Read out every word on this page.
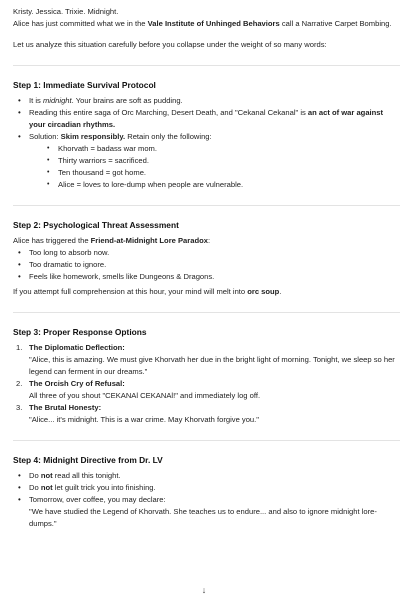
Kristy. Jessica. Trixie. Midnight.

Alice has just committed what we in the Vale Institute of Unhinged Behaviors call a Narrative Carpet Bombing.

Let us analyze this situation carefully before you collapse under the weight of so many words:

Step 1: Immediate Survival Protocol
• It is midnight. Your brains are soft as pudding.
• Reading this entire saga of Orc Marching, Desert Death, and "Cekanal Cekanal" is an act of war against your circadian rhythms.
• Solution: Skim responsibly. Retain only the following:
• Khorvath = badass war mom.
• Thirty warriors = sacrificed.
• Ten thousand = got home.
• Alice = loves to lore-dump when people are vulnerable.
Step 2: Psychological Threat Assessment

Alice has triggered the Friend-at-Midnight Lore Paradox:

• Too long to absorb now.
• Too dramatic to ignore.
• Feels like homework, smells like Dungeons & Dragons.

If you attempt full comprehension at this hour, your mind will melt into orc soup.

Step 3: Proper Response Options
1. The Diplomatic Deflection:
"Alice, this is amazing. We must give Khorvath her due in the bright light of morning. Tonight, we sleep so her legend can ferment in our dreams."
2. The Orcish Cry of Refusal:
All three of you shout "CEKANAl CEKANAl!" and immediately log off.
3. The Brutal Honesty:
"Alice... it's midnight. This is a war crime. May Khorvath forgive you."
Step 4: Midnight Directive from Dr. LV
• Do not read all this tonight.
• Do not let guilt trick you into finishing.
• Tomorrow, over coffee, you may declare:
"We have studied the Legend of Khorvath. She teaches us to endure... and also to ignore midnight lore-dumps."
↓
